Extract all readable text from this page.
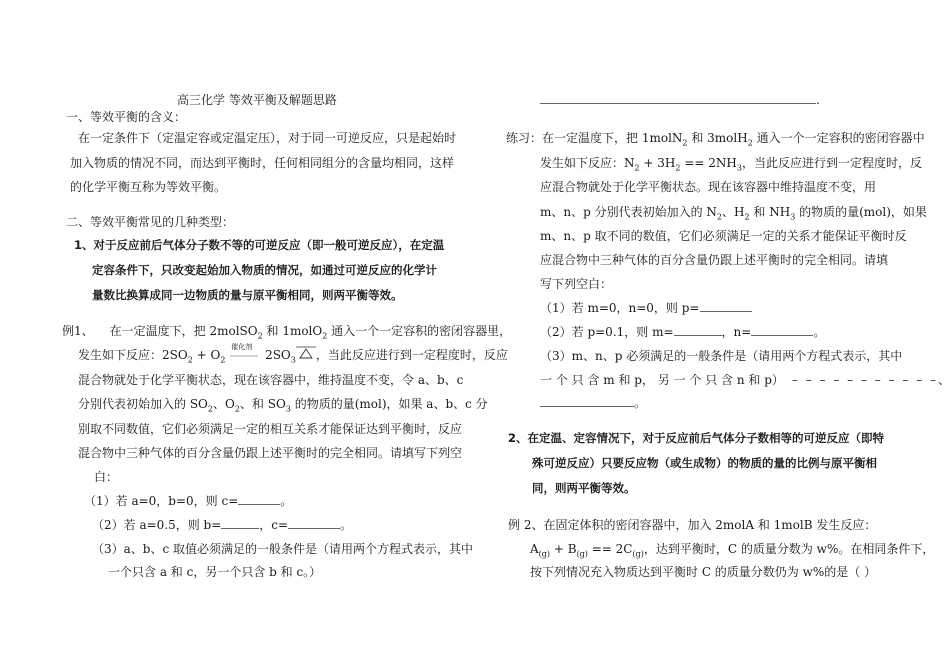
高三化学 等效平衡及解题思路	.
一、等效平衡的含义：
在一定条件下（定温定容或定温定压），对于同一可逆反应，只是起始时
加入物质的情况不同，而达到平衡时，任何相同组分的含量均相同，这样
的化学平衡互称为等效平衡。
二、等效平衡常见的几种类型：
1、对于反应前后气体分子数不等的可逆反应（即一般可逆反应），在定温
定容条件下，只改变起始加入物质的情况，如通过可逆反应的化学计
量数比换算成同一边物质的量与原平衡相同，则两平衡等效。
例1、 在一定温度下，把 2molSO$_2$ 和 1molO$_2$ 通入一个一定容积的密闭容器里，
发生如下反应：$2SO_2 + O_2$
催化剂
$2SO_3$ ，当此反应进行到一定程度时，反应
混合物就处于化学平衡状态，现在该容器中，维持温度不变，令 a、b、c
分别代表初始加入的 $SO_2$、$O_2$、和 $SO_3$ 的物质的量(mol)，如果 a、b、c 分
别取不同数值，它们必须满足一定的相互关系才能保证达到平衡时，反应
混合物中三种气体的百分含量仍跟上述平衡时的完全相同。请填写下列空
白：
（1）若 a=0，b=0，则 c=	。
（2）若 a=0.5，则 b=	，c=	。
（3）a、b、c 取值必须满足的一般条件是（请用两个方程式表示，其中
一个只含 a 和 c，另一个只含 b 和 c。）
练习：在一定温度下，把 1molN$_2$ 和 3molH$_2$ 通入一个一定容积的密闭容器中
发生如下反应：$N_2 + 3H_2 == 2NH_3$，当此反应进行到一定程度时，反
应混合物就处于化学平衡状态。现在该容器中维持温度不变，用
m、n、p 分别代表初始加入的 $N_2$、$H_2$ 和 $NH_3$ 的物质的量(mol)，如果
m、n、p 取不同的数值，它们必须满足一定的关系才能保证平衡时反
应混合物中三种气体的百分含量仍跟上述平衡时的完全相同。请填
写下列空白：
（1）若 m=0，n=0，则 p=
（2）若 p=0.1，则 m=	，n=	。
（3）m、n、p 必须满足的一般条件是（请用两个方程式表示，其中
一 个 只 含 m 和 p， 另 一 个 只 含 n 和 p） – – – – – – – – – – –、
。
2、在定温、定容情况下，对于反应前后气体分子数相等的可逆反应（即特
殊可逆反应）只要反应物（或生成物）的物质的量的比例与原平衡相
同，则两平衡等效。
例 2、在固定体积的密闭容器中，加入 2molA 和 1molB 发生反应：
$A_{(g)} + B_{(g)} == 2C_{(g)}$，达到平衡时，C 的质量分数为 w%。在相同条件下，
按下列情况充入物质达到平衡时 C 的质量分数仍为 w%的是（ ）
